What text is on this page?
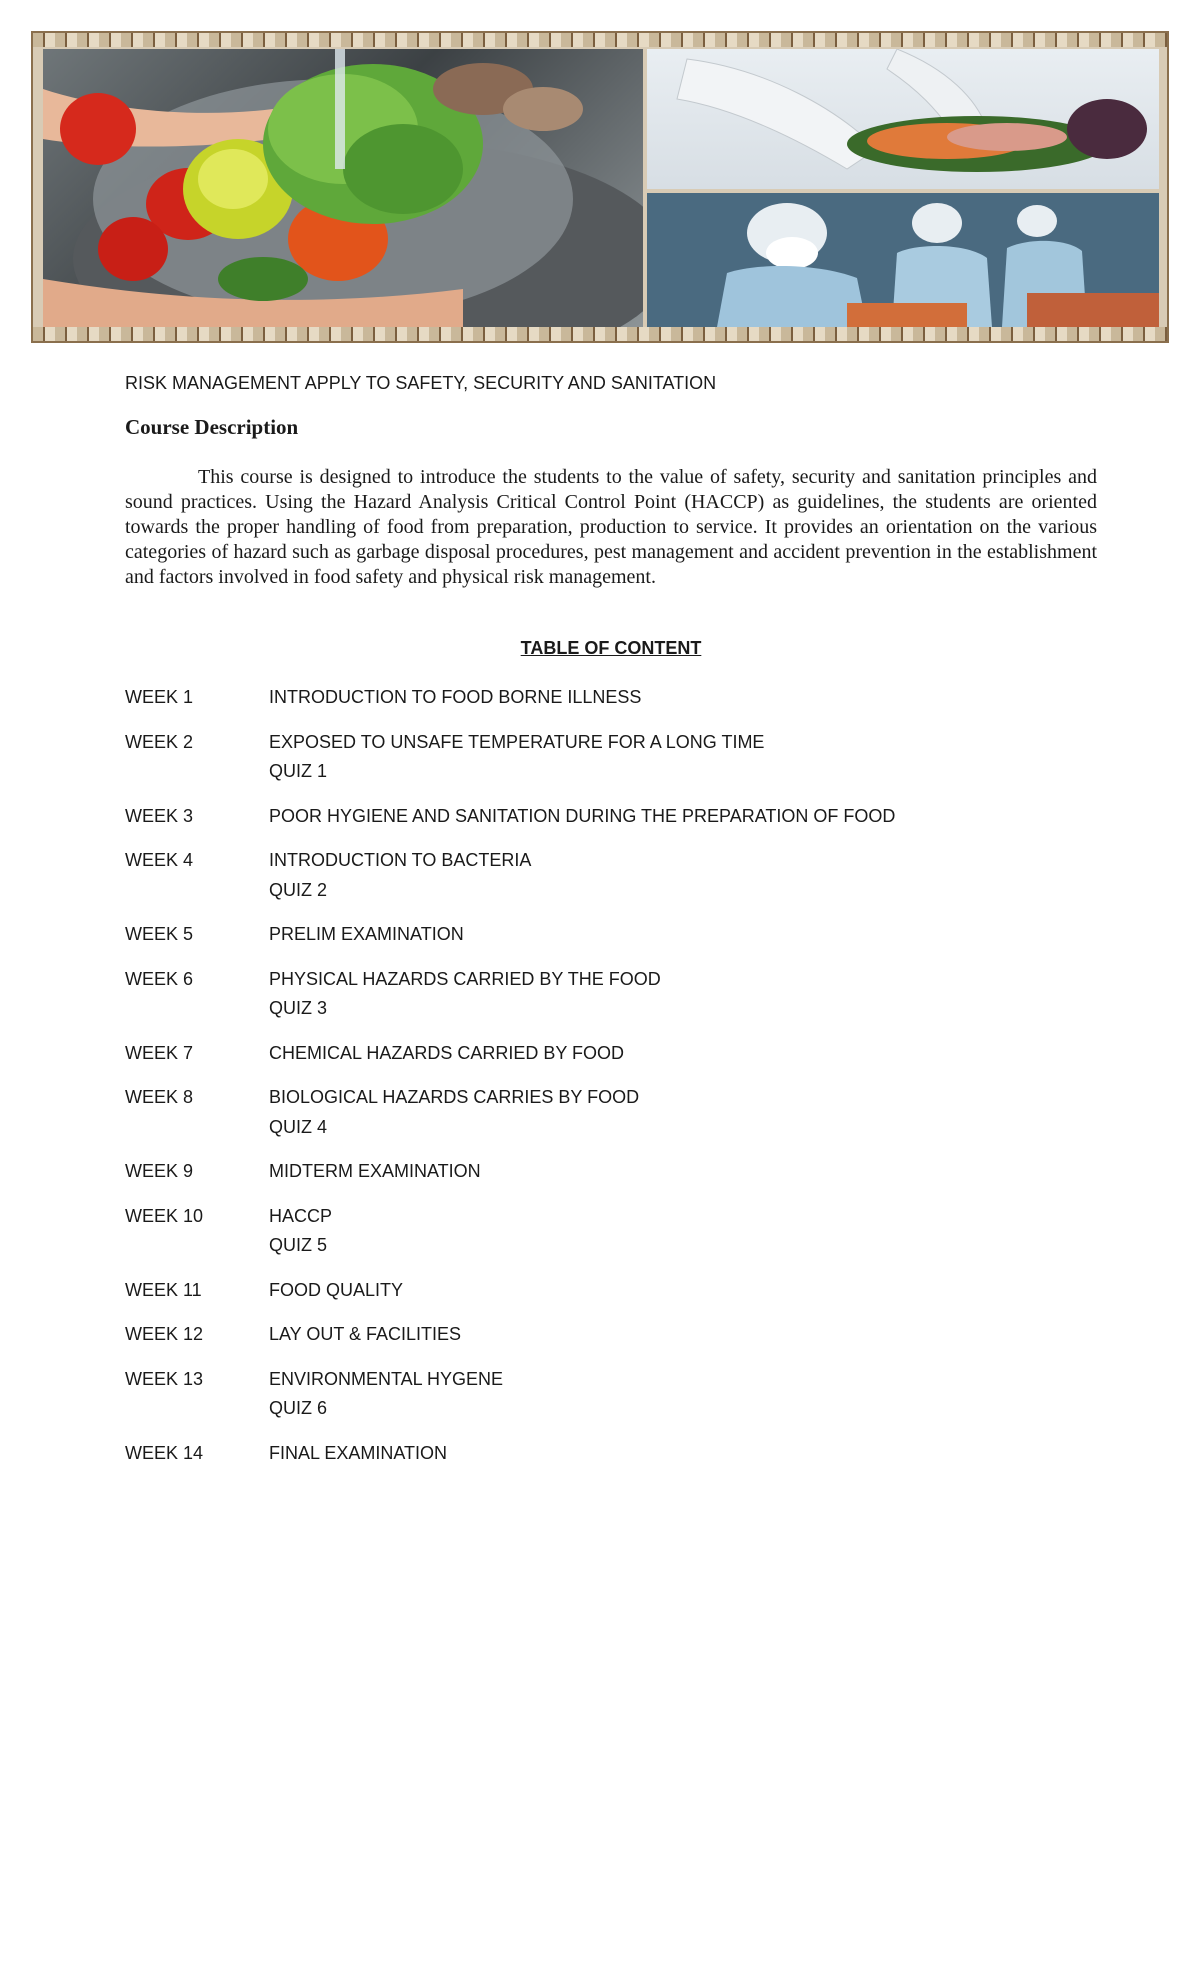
RISK MANAGEMENT APPLY TO SAFETY, SECURITY AND SANITATION
Course Description

This course is designed to introduce the students to the value of safety, security and sanitation principles and sound practices. Using the Hazard Analysis Critical Control Point (HACCP) as guidelines, the students are oriented towards the proper handling of food from preparation, production to service. It provides an orientation on the various categories of hazard such as garbage disposal procedures, pest management and accident prevention in the establishment and factors involved in food safety and physical risk management.

TABLE OF CONTENT
WEEK 1	INTRODUCTION TO FOOD BORNE ILLNESS
WEEK 2	EXPOSED TO UNSAFE TEMPERATURE FOR A LONG TIME
QUIZ 1
WEEK 3	POOR HYGIENE AND SANITATION DURING THE PREPARATION OF FOOD
WEEK 4	INTRODUCTION TO BACTERIA
QUIZ 2
WEEK 5	PRELIM EXAMINATION
WEEK 6	PHYSICAL HAZARDS CARRIED BY THE FOOD
QUIZ 3
WEEK 7	CHEMICAL HAZARDS CARRIED BY FOOD
WEEK 8	BIOLOGICAL HAZARDS CARRIES BY FOOD
QUIZ 4
WEEK 9	MIDTERM EXAMINATION
WEEK 10	HACCP
QUIZ 5
WEEK 11	FOOD QUALITY
WEEK 12	LAY OUT & FACILITIES
WEEK 13	ENVIRONMENTAL HYGENE
QUIZ 6
WEEK 14	FINAL EXAMINATION
